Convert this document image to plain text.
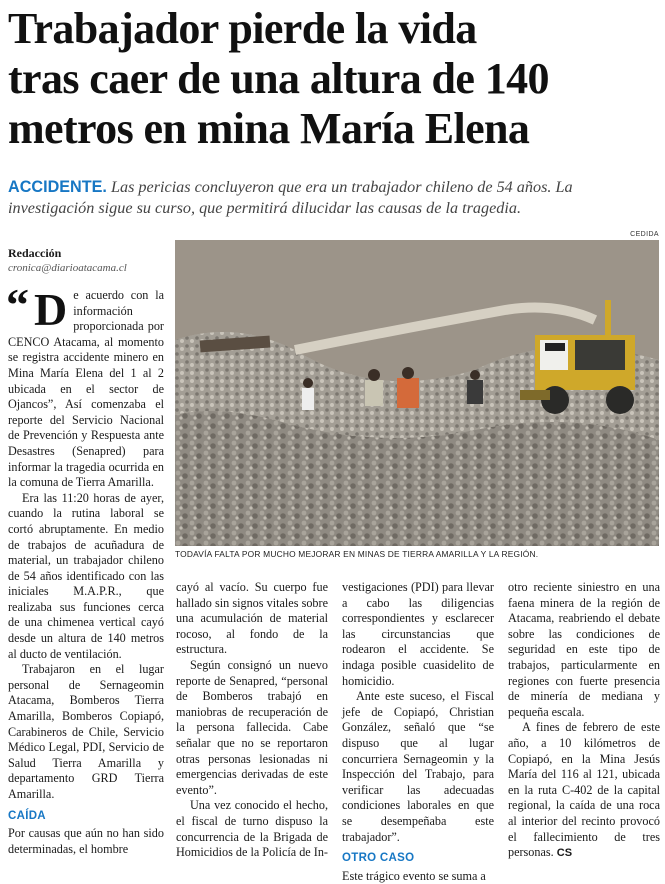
Trabajador pierde la vida
tras caer de una altura de 140
metros en mina María Elena
ACCIDENTE. Las pericias concluyeron que era un trabajador chileno de 54 años. La investigación sigue su curso, que permitirá dilucidar las causas de la tragedia.
CEDIDA
Redacción
cronica@diarioatacama.cl
TODAVÍA FALTA POR MUCHO MEJORAR EN MINAS DE TIERRA AMARILLA Y LA REGIÓN.
“ D e acuerdo con la información proporcionada por CENCO Atacama, al momento se registra accidente minero en Mina María Elena del 1 al 2 ubicada en el sector de Ojancos”, Así comenzaba el reporte del Servicio Nacional de Prevención y Respuesta ante Desastres (Senapred) para informar la tragedia ocurrida en la comuna de Tierra Amarilla.

Era las 11:20 horas de ayer, cuando la rutina laboral se cortó abruptamente. En medio de trabajos de acuñadura de material, un trabajador chileno de 54 años identificado con las iniciales M.A.P.R., que realizaba sus funciones cerca de una chimenea vertical cayó desde un altura de 140 metros al ducto de ventilación.

Trabajaron en el lugar personal de Sernageomin Atacama, Bomberos Tierra Amarilla, Bomberos Copiapó, Carabineros de Chile, Servicio Médico Legal, PDI, Servicio de Salud Tierra Amarilla y departamento GRD Tierra Amarilla.

CAÍDA

Por causas que aún no han sido determinadas, el hombre

cayó al vacío. Su cuerpo fue hallado sin signos vitales sobre una acumulación de material rocoso, al fondo de la estructura.

Según consignó un nuevo reporte de Senapred, “personal de Bomberos trabajó en maniobras de recuperación de la persona fallecida. Cabe señalar que no se reportaron otras personas lesionadas ni emergencias derivadas de este evento”.

Una vez conocido el hecho, el fiscal de turno dispuso la concurrencia de la Brigada de Homicidios de la Policía de In-

vestigaciones (PDI) para llevar a cabo las diligencias correspondientes y esclarecer las circunstancias que rodearon el accidente. Se indaga posible cuasidelito de homicidio.

Ante este suceso, el Fiscal jefe de Copiapó, Christian González, señaló que “se dispuso que al lugar concurriera Sernageomin y la Inspección del Trabajo, para verificar las adecuadas condiciones laborales en que se desempeñaba este trabajador”.

OTRO CASO

Este trágico evento se suma a

otro reciente siniestro en una faena minera de la región de Atacama, reabriendo el debate sobre las condiciones de seguridad en este tipo de trabajos, particularmente en regiones con fuerte presencia de minería de mediana y pequeña escala.

A fines de febrero de este año, a 10 kilómetros de Copiapó, en la Mina Jesús María del 116 al 121, ubicada en la ruta C-402 de la capital regional, la caída de una roca al interior del recinto provocó el fallecimiento de tres personas. CS
